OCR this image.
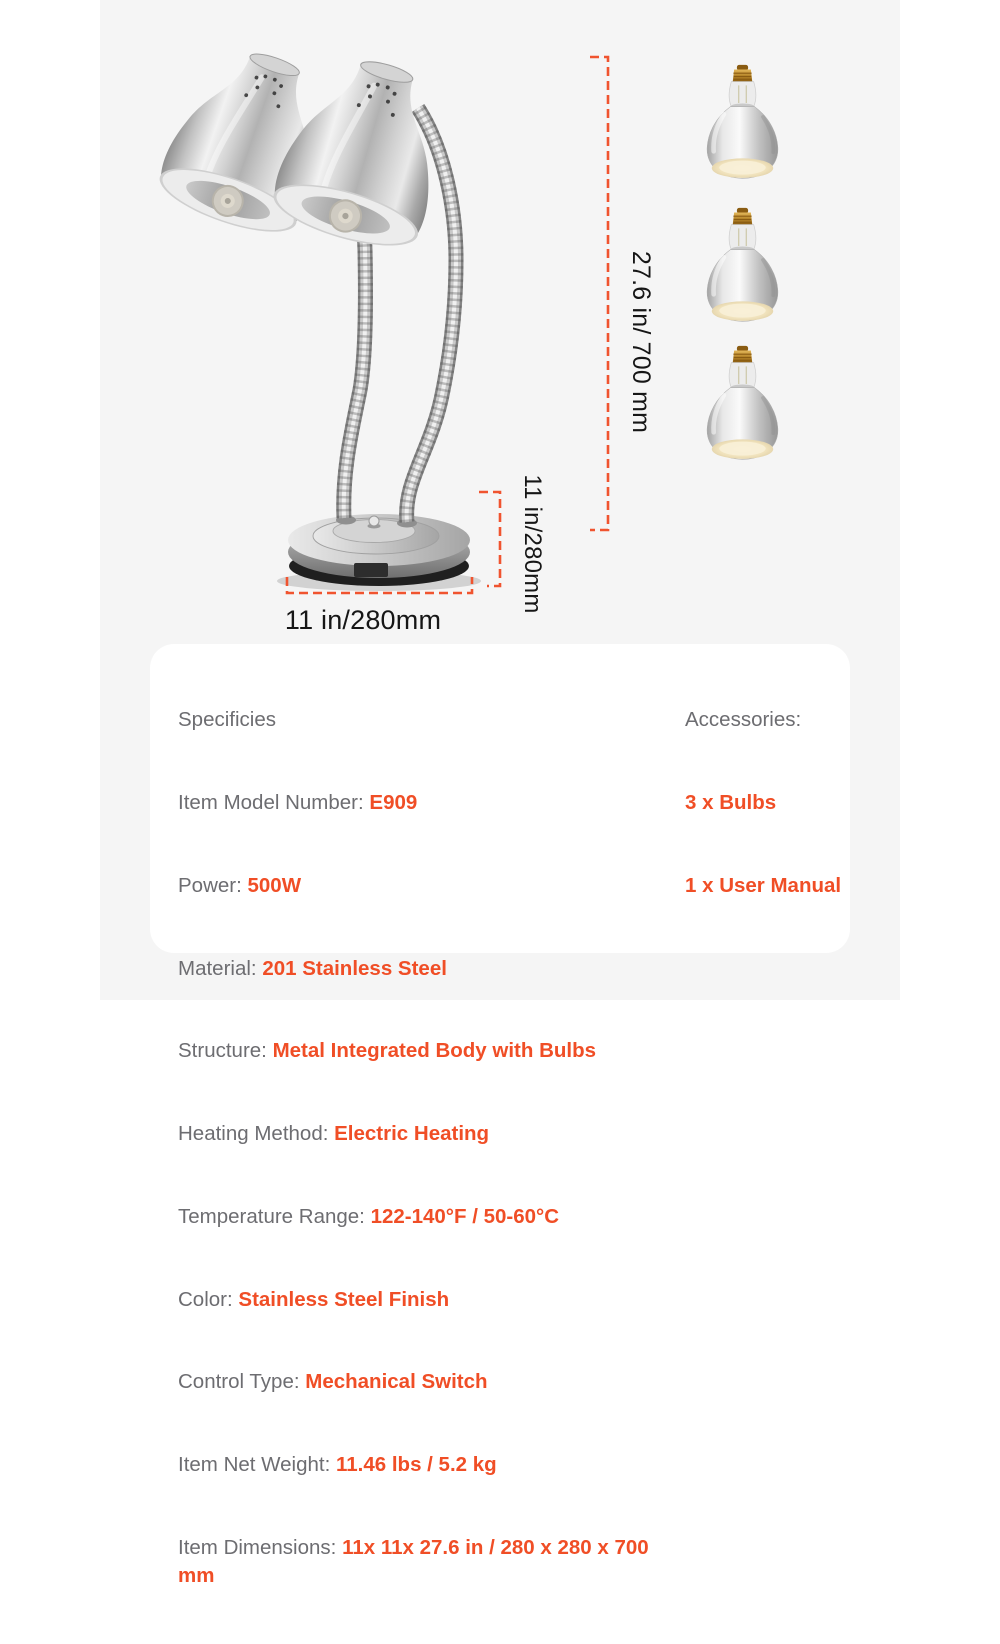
27.6 in/ 700 mm
11 in/280mm
11 in/280mm

Specificies

Item Model Number: E909

Power: 500W

Material: 201 Stainless Steel

Structure: Metal Integrated Body with Bulbs

Heating Method: Electric Heating

Temperature Range: 122-140°F / 50-60°C

Color: Stainless Steel Finish

Control Type: Mechanical Switch

Item Net Weight: 11.46 lbs / 5.2 kg

Item Dimensions: 11x 11x 27.6 in / 280 x 280 x 700 mm

Accessories:

3 x Bulbs

1 x User Manual
